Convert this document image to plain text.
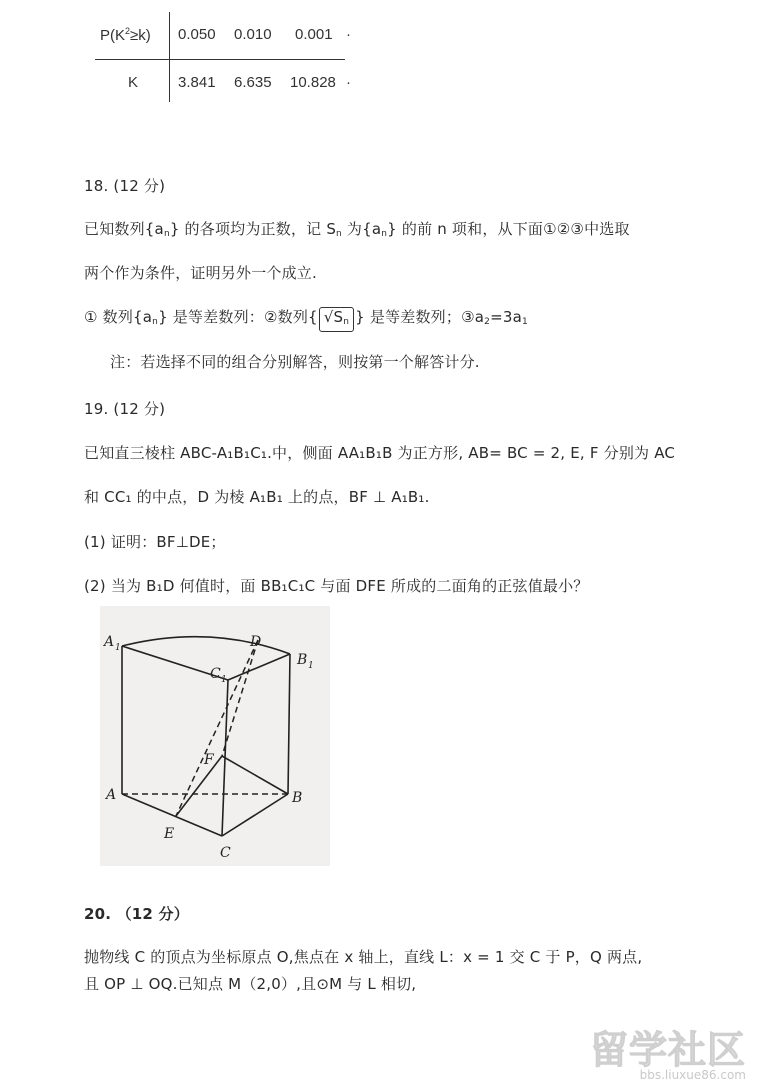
$P(K^2\ge k)$ 0.050 0.010 0.001 ·
K	3.841 6.635 10.828 ·
18. (12 分)
已知数列$\{a_n\}$ 的各项均为正数，记 $S_n$ 为$\{a_n\}$ 的前 n 项和，从下面①②③中选取
两个作为条件，证明另外一个成立.
① 数列$\{a_n\}$ 是等差数列：②数列{ $√S_n$ } 是等差数列；$③a_2=3a_1$
注：若选择不同的组合分别解答，则按第一个解答计分.
19. (12 分)
已知直三棱柱 ABC-A₁B₁C₁.中，侧面 AA₁B₁B 为正方形, AB= BC = 2, E, F 分别为 AC
和 CC₁ 的中点，D 为棱 A₁B₁ 上的点，BF ⊥ A₁B₁.
(1) 证明：BF⊥DE；
(2) 当为 B₁D 何值时，面 BB₁C₁C 与面 DFE 所成的二面角的正弦值最小？
A 1	D
B 1
C 1
F
A	B
E
C
20. （12 分）
抛物线 C 的顶点为坐标原点 O,焦点在 x 轴上，直线 L：x = 1 交 C 于 P，Q 两点,
且 OP ⊥ OQ.已知点 M（2,0）,且⊙M 与 L 相切,
留学社区
bbs.liuxue86.com
